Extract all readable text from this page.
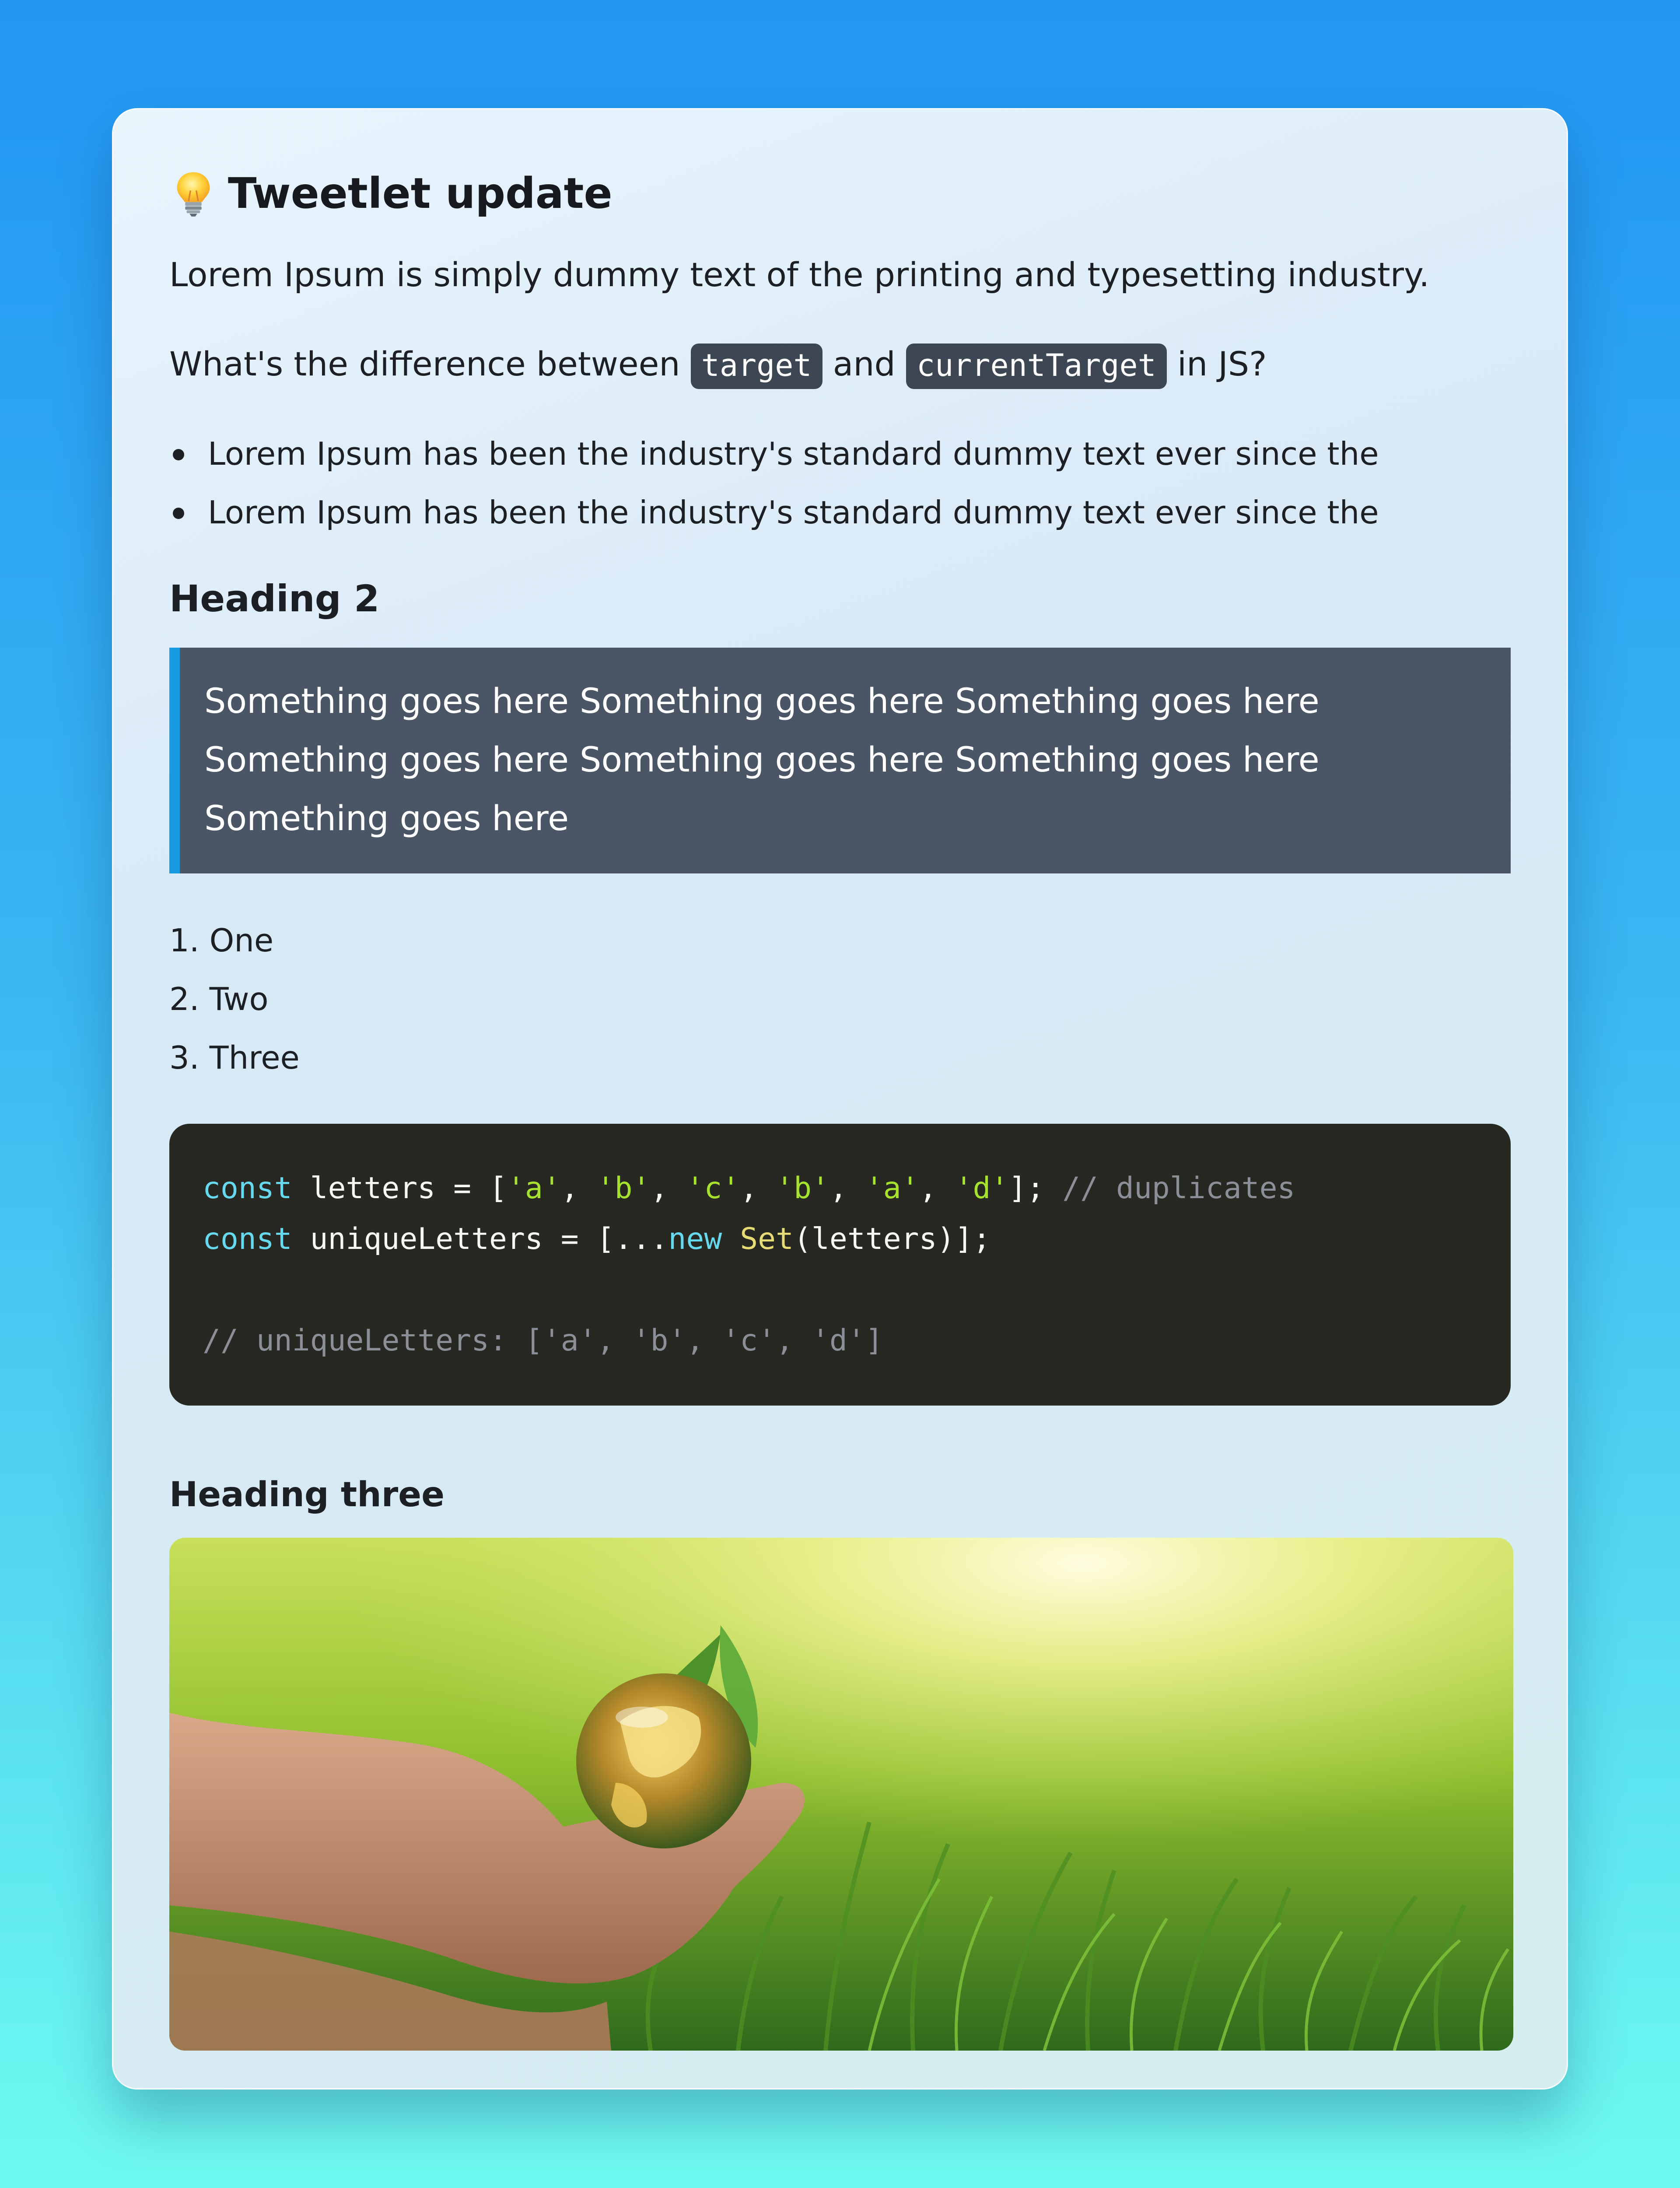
Tweetlet update

Lorem Ipsum is simply dummy text of the printing and typesetting industry.

What's the difference between target and currentTarget in JS?

Lorem Ipsum has been the industry's standard dummy text ever since the
Lorem Ipsum has been the industry's standard dummy text ever since the
Heading 2
Something goes here Something goes here Something goes here Something goes here Something goes here Something goes here Something goes here
1. One
2. Two
3. Three
const letters = ['a', 'b', 'c', 'b', 'a', 'd']; // duplicates
const uniqueLetters = [...new Set(letters)];
// uniqueLetters: ['a', 'b', 'c', 'd']
Heading three
